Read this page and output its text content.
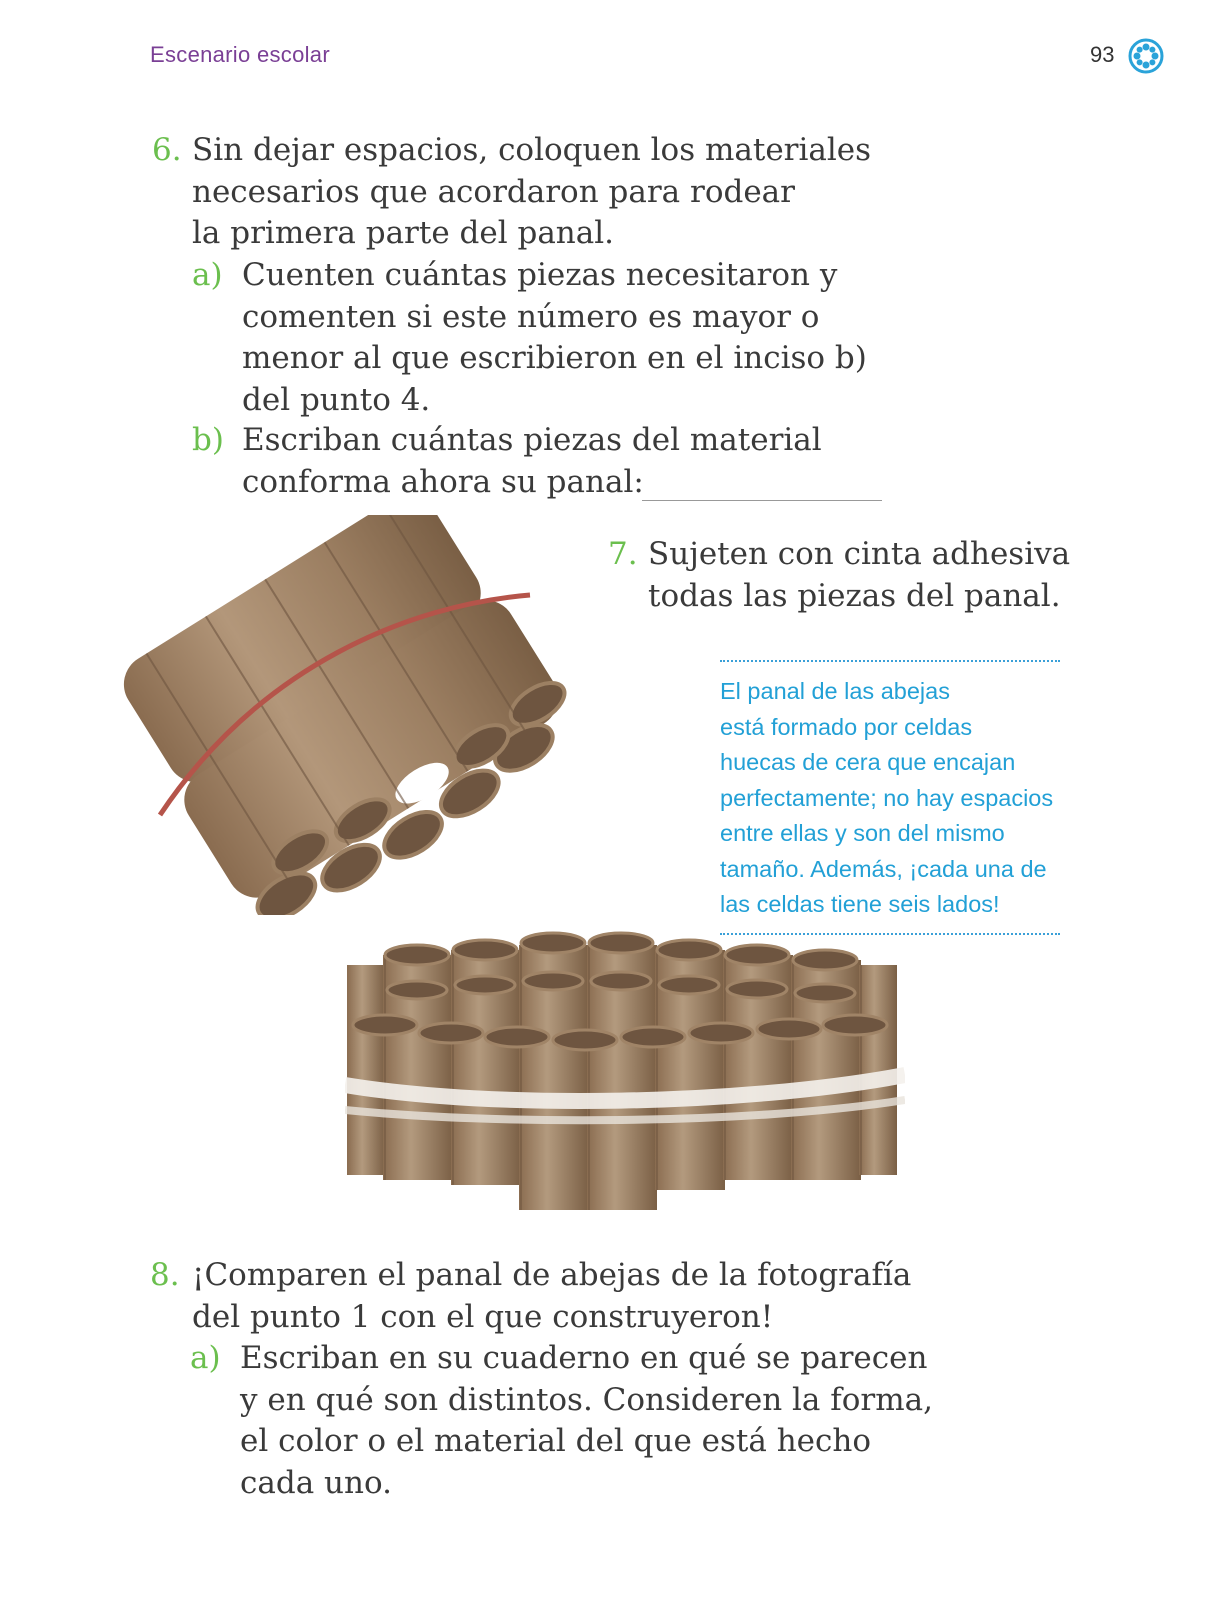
Escenario escolar	93
6. Sin dejar espacios, coloquen los materiales
necesarios que acordaron para rodear
la primera parte del panal.
a) Cuenten cuántas piezas necesitaron y
comenten si este número es mayor o
menor al que escribieron en el inciso b)
del punto 4.
b) Escriban cuántas piezas del material
conforma ahora su panal:
7. Sujeten con cinta adhesiva
todas las piezas del panal.
El panal de las abejas
está formado por celdas
huecas de cera que encajan
perfectamente; no hay espacios
entre ellas y son del mismo
tamaño. Además, ¡cada una de
las celdas tiene seis lados!
8. ¡Comparen el panal de abejas de la fotografía
del punto 1 con el que construyeron!
a) Escriban en su cuaderno en qué se parecen
y en qué son distintos. Consideren la forma,
el color o el material del que está hecho
cada uno.
